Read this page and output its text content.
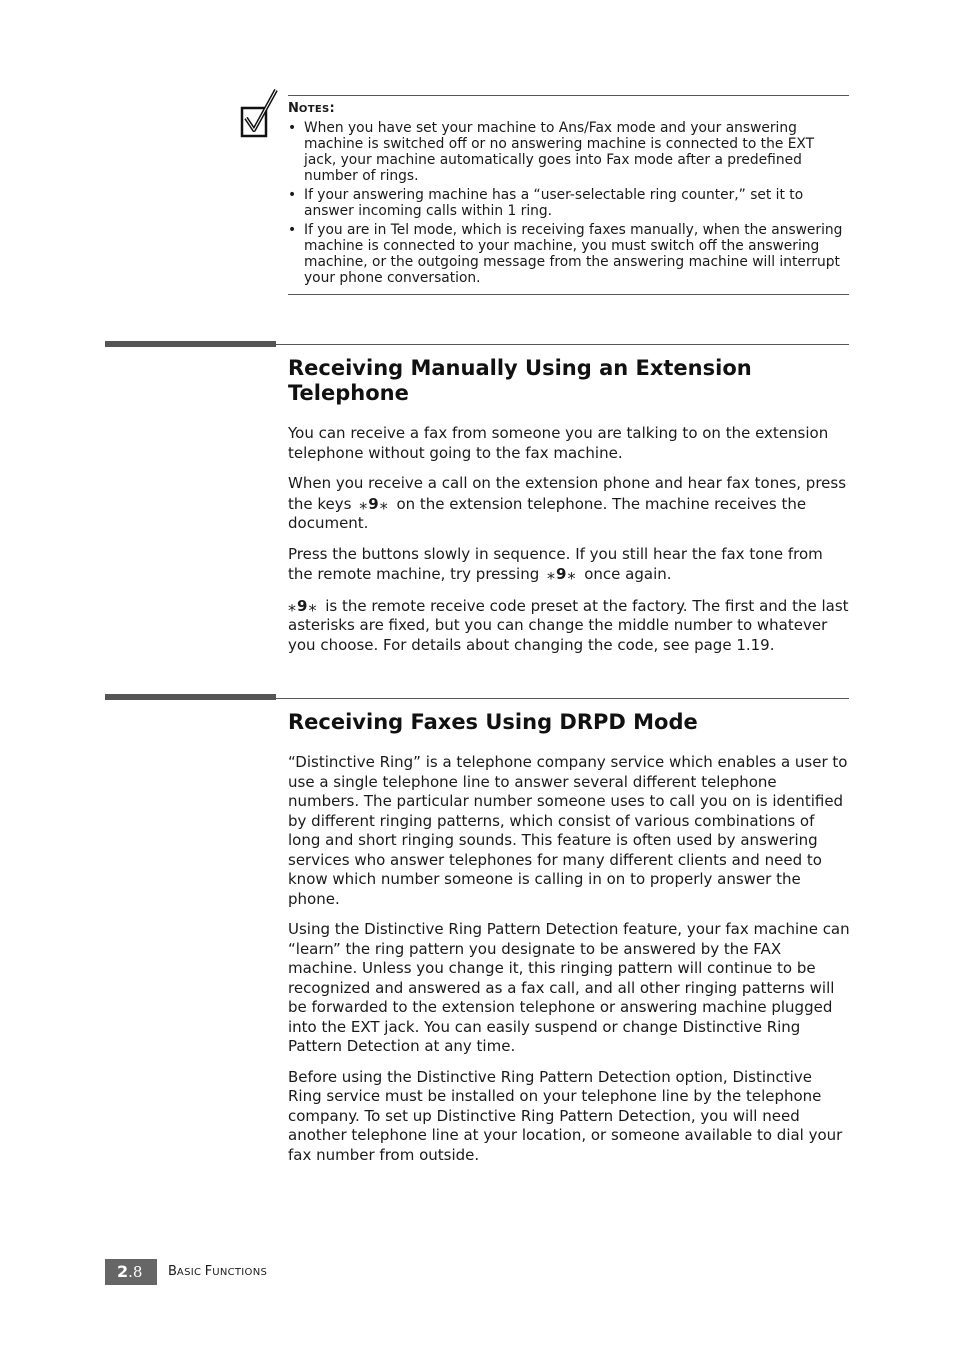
NOTES:
• When you have set your machine to Ans/Fax mode and your answering machine is switched off or no answering machine is connected to the EXT jack, your machine automatically goes into Fax mode after a predefined number of rings.
• If your answering machine has a “user-selectable ring counter,” set it to answer incoming calls within 1 ring.
• If you are in Tel mode, which is receiving faxes manually, when the answering machine is connected to your machine, you must switch off the answering machine, or the outgoing message from the answering machine will interrupt your phone conversation.
Receiving Manually Using an Extension Telephone

You can receive a fax from someone you are talking to on the extension telephone without going to the fax machine.

When you receive a call on the extension phone and hear fax tones, press the keys ⁎9⁎ on the extension telephone. The machine receives the document.

Press the buttons slowly in sequence. If you still hear the fax tone from the remote machine, try pressing ⁎9⁎ once again.

⁎9⁎ is the remote receive code preset at the factory. The first and the last asterisks are fixed, but you can change the middle number to whatever you choose. For details about changing the code, see page 1.19.

Receiving Faxes Using DRPD Mode

“Distinctive Ring” is a telephone company service which enables a user to use a single telephone line to answer several different telephone numbers. The particular number someone uses to call you on is identified by different ringing patterns, which consist of various combinations of long and short ringing sounds. This feature is often used by answering services who answer telephones for many different clients and need to know which number someone is calling in on to properly answer the phone.

Using the Distinctive Ring Pattern Detection feature, your fax machine can “learn” the ring pattern you designate to be answered by the FAX machine. Unless you change it, this ringing pattern will continue to be recognized and answered as a fax call, and all other ringing patterns will be forwarded to the extension telephone or answering machine plugged into the EXT jack. You can easily suspend or change Distinctive Ring Pattern Detection at any time.

Before using the Distinctive Ring Pattern Detection option, Distinctive Ring service must be installed on your telephone line by the telephone company. To set up Distinctive Ring Pattern Detection, you will need another telephone line at your location, or someone available to dial your fax number from outside.

2.8	BASIC FUNCTIONS
